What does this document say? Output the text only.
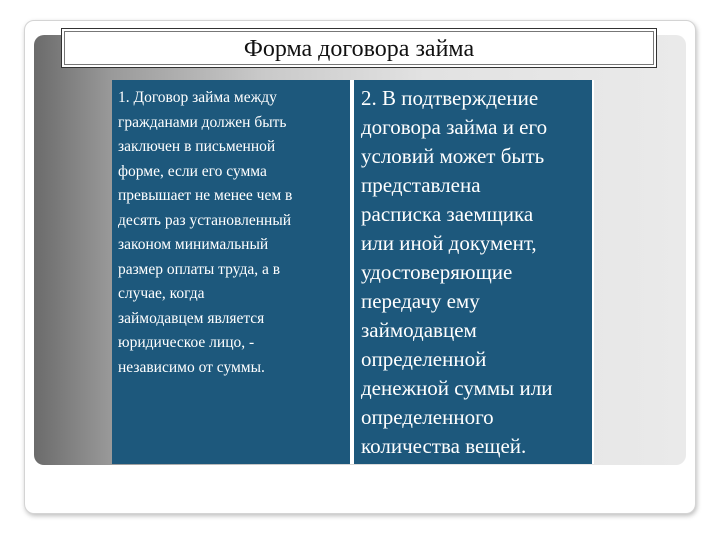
Форма договора займа
1. Договор займа между
гражданами должен быть
заключен в письменной
форме, если его сумма
превышает не менее чем в
десять раз установленный
законом минимальный
размер оплаты труда, а в
случае, когда
займодавцем является
юридическое лицо, -
независимо от суммы.
2. В подтверждение
договора займа и его
условий может быть
представлена
расписка заемщика
или иной документ,
удостоверяющие
передачу ему
займодавцем
определенной
денежной суммы или
определенного
количества вещей.
